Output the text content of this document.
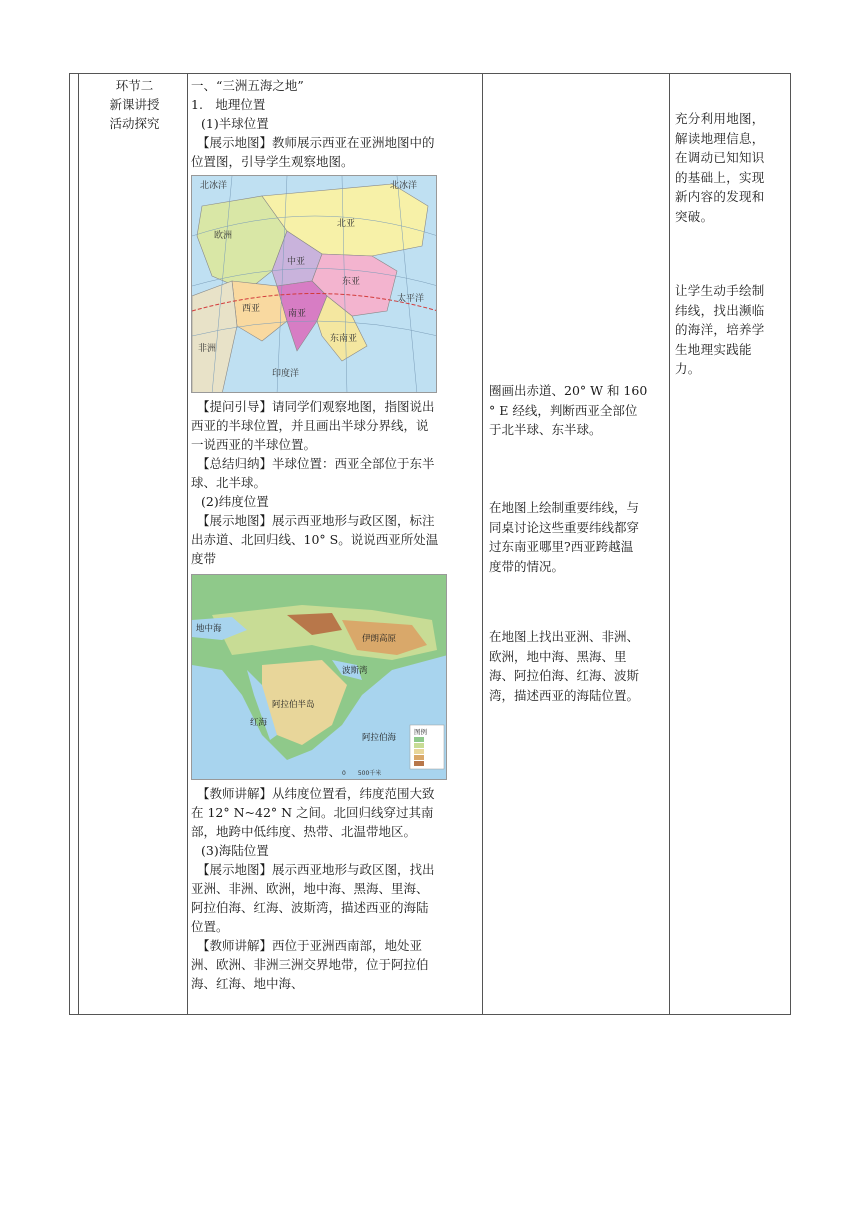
环节二
新课讲授
活动探究
一、“三洲五海之地”
1.　地理位置
(1)半球位置
【展示地图】教师展示西亚在亚洲地图中的
位置图，引导学生观察地图。
北冰洋	北冰洋
欧洲
北亚
中亚
东亚
西亚	南亚
东南亚
太平洋
印度洋
非洲
【提问引导】请同学们观察地图，指图说出
西亚的半球位置，并且画出半球分界线，说
一说西亚的半球位置。
【总结归纳】半球位置：西亚全部位于东半
球、北半球。
(2)纬度位置
【展示地图】展示西亚地形与政区图，标注
出赤道、北回归线、10° S。说说西亚所处温
度带
阿拉伯半岛
伊朗高原
地中海
红海
波斯湾
阿拉伯海
图例
0　　500千米
【教师讲解】从纬度位置看，纬度范围大致
在 12° N~42° N 之间。北回归线穿过其南
部，地跨中低纬度、热带、北温带地区。
(3)海陆位置
【展示地图】展示西亚地形与政区图，找出
亚洲、非洲、欧洲，地中海、黑海、里海、
阿拉伯海、红海、波斯湾，描述西亚的海陆
位置。
【教师讲解】西位于亚洲西南部，地处亚
洲、欧洲、非洲三洲交界地带，位于阿拉伯
海、红海、地中海、
圈画出赤道、20° W 和 160
° E 经线，判断西亚全部位
于北半球、东半球。
在地图上绘制重要纬线，与
同桌讨论这些重要纬线都穿
过东南亚哪里?西亚跨越温
度带的情况。
在地图上找出亚洲、非洲、
欧洲，地中海、黑海、里
海、阿拉伯海、红海、波斯
湾，描述西亚的海陆位置。
充分利用地图，
解读地理信息，
在调动已知知识
的基础上，实现
新内容的发现和
突破。
让学生动手绘制
纬线，找出濒临
的海洋，培养学
生地理实践能
力。
